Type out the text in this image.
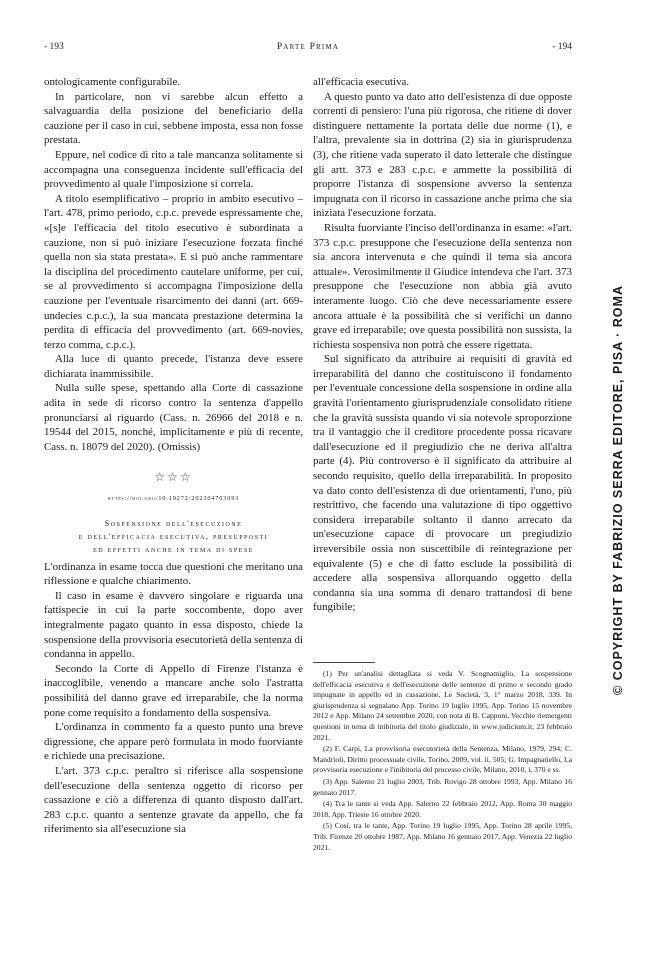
- 193	Parte Prima	- 194

ontologicamente configurabile.

In particolare, non vi sarebbe alcun effetto a salvaguardia della posizione del beneficiario della cauzione per il caso in cui, sebbene imposta, essa non fosse prestata.

Eppure, nel codice di rito a tale mancanza solitamente si accompagna una conseguenza incidente sull'efficacia del provvedimento al quale l'imposizione si correla.

A titolo esemplificativo – proprio in ambito esecutivo – l'art. 478, primo periodo, c.p.c. prevede espressamente che, «[s]e l'efficacia del titolo esecutivo è subordinata a cauzione, non si può iniziare l'esecuzione forzata finché quella non sia stata prestata». E si può anche rammentare la disciplina del procedimento cautelare uniforme, per cui, se al provvedimento si accompagna l'imposizione della cauzione per l'eventuale risarcimento dei danni (art. 669-undecies c.p.c.), la sua mancata prestazione determina la perdita di efficacia del provvedimento (art. 669-novies, terzo comma, c.p.c.).

Alla luce di quanto precede, l'istanza deve essere dichiarata inammissibile.

Nulla sulle spese, spettando alla Corte di cassazione adita in sede di ricorso contro la sentenza d'appello pronunciarsi al riguardo (Cass. n. 26966 del 2018 e n. 19544 del 2015, nonché, implicitamente e più di recente, Cass. n. 18079 del 2020). (Omissis)

☆☆☆
https://doi.org/10.19272/202304703093
Sospensione dell'esecuzione
e dell'efficacia esecutiva, presupposti
ed effetti anche in tema di spese

L'ordinanza in esame tocca due questioni che meritano una riflessione e qualche chiarimento.

Il caso in esame è davvero singolare e riguarda una fattispecie in cui la parte soccombente, dopo aver integralmente pagato quanto in essa disposto, chiede la sospensione della provvisoria esecutorietà della sentenza di condanna in appello.

Secondo la Corte di Appello di Firenze l'istanza è inaccoglibile, venendo a mancare anche solo l'astratta possibilità del danno grave ed irreparabile, che la norma pone come requisito a fondamento della sospensiva.

L'ordinanza in commento fa a questo punto una breve digressione, che appare però formulata in modo fuorviante e richiede una precisazione.

L'art. 373 c.p.c. peraltro si riferisce alla sospensione dell'esecuzione della sentenza oggetto di ricorso per cassazione e ciò a differenza di quanto disposto dall'art. 283 c.p.c. quanto a sentenze gravate da appello, che fa riferimento sia all'esecuzione sia

all'efficacia esecutiva.

A questo punto va dato atto dell'esistenza di due opposte correnti di pensiero: l'una più rigorosa, che ritiene di dover distinguere nettamente la portata delle due norme (1), e l'altra, prevalente sia in dottrina (2) sia in giurisprudenza (3), che ritiene vada superato il dato letterale che distingue gli artt. 373 e 283 c.p.c. e ammette la possibilità di proporre l'istanza di sospensione avverso la sentenza impugnata con il ricorso in cassazione anche prima che sia iniziata l'esecuzione forzata.

Risulta fuorviante l'inciso dell'ordinanza in esame: «l'art. 373 c.p.c. presuppone che l'esecuzione della sentenza non sia ancora intervenuta e che quindi il tema sia ancora attuale». Verosimilmente il Giudice intendeva che l'art. 373 presuppone che l'esecuzione non abbia già avuto interamente luogo. Ciò che deve necessariamente essere ancora attuale è la possibilità che si verifichi un danno grave ed irreparabile; ove questa possibilità non sussista, la richiesta sospensiva non potrà che essere rigettata.

Sul significato da attribuire ai requisiti di gravità ed irreparabilità del danno che costituiscono il fondamento per l'eventuale concessione della sospensione in ordine alla gravità l'orientamento giurisprudenziale consolidato ritiene che la gravità sussista quando vi sia notevole sproporzione tra il vantaggio che il creditore procedente possa ricavare dall'esecuzione ed il pregiudizio che ne deriva all'altra parte (4). Più controverso è il significato da attribuire al secondo requisito, quello della irreparabilità. In proposito va dato conto dell'esistenza di due orientamenti, l'uno, più restrittivo, che facendo una valutazione di tipo oggettivo considera irreparabile soltanto il danno arrecato da un'esecuzione capace di provocare un pregiudizio irreversibile ossia non suscettibile di reintegrazione per equivalente (5) e che di fatto esclude la possibilità di accedere alla sospensiva allorquando oggetto della condanna sia una somma di denaro trattandosi di bene fungibile;

(1) Per un'analisi dettagliata si veda V. Scognamiglio, La sospensione dell'efficacia esecutiva e dell'esecuzione delle sentenze di primo e secondo grado impugnate in appello ed in cassazione, Le Società, 3, 1° marzo 2018, 339. In giurisprudenza si segnalano App. Torino 19 luglio 1995, App. Torino 15 novembre 2012 e App. Milano 24 settembre 2020, con nota di B. Capponi, Vecchie riemergenti questioni in tema di inibitoria del titolo giudiziale, in www.judicium.it, 23 febbraio 2021.

(2) F. Carpi, La provvisoria esecutorietà della Sentenza, Milano, 1979, 294; C. Mandrioli, Diritto processuale civile, Torino, 2009, vol. ii, 505; G. Impagnatiello, La provvisoria esecuzione e l'inibitoria del processo civile, Milano, 2010, i, 370 e ss.

(3) App. Salerno 21 luglio 2003, Trib. Rovigo 28 ottobre 1993, App. Milano 16 gennaio 2017.

(4) Tra le tante si veda App. Salerno 22 febbraio 2012, App. Roma 30 maggio 2018, App. Trieste 16 ottobre 2020.

(5) Così, tra le tante, App. Torino 19 luglio 1995, App. Torino 28 aprile 1995, Trib. Firenze 20 ottobre 1987, App. Milano 16 gennaio 2017, App. Venezia 22 luglio 2021.

© COPYRIGHT BY FABRIZIO SERRA EDITORE, PISA · ROMA
